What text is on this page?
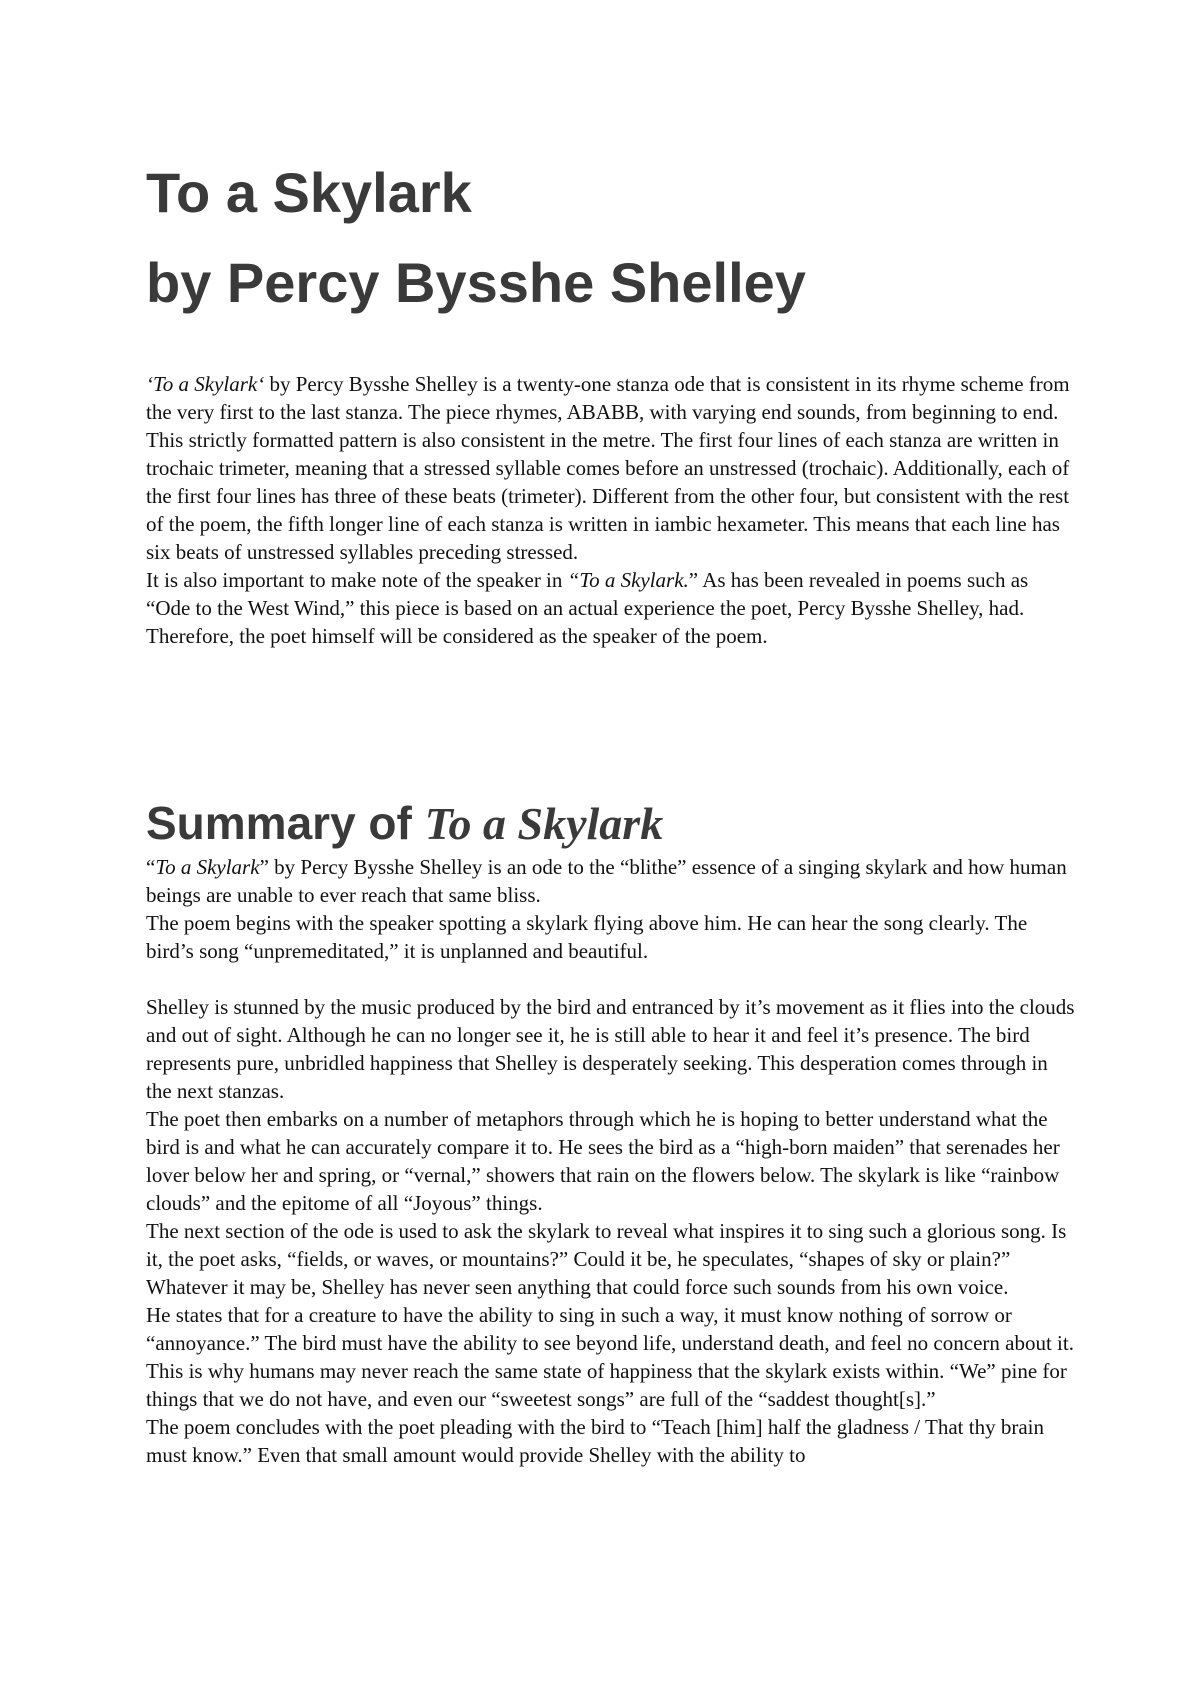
To a Skylark
by Percy Bysshe Shelley

‘To a Skylark‘ by Percy Bysshe Shelley is a twenty-one stanza ode that is consistent in its rhyme scheme from the very first to the last stanza. The piece rhymes, ABABB, with varying end sounds, from beginning to end.

This strictly formatted pattern is also consistent in the metre. The first four lines of each stanza are written in trochaic trimeter, meaning that a stressed syllable comes before an unstressed (trochaic). Additionally, each of the first four lines has three of these beats (trimeter). Different from the other four, but consistent with the rest of the poem, the fifth longer line of each stanza is written in iambic hexameter. This means that each line has six beats of unstressed syllables preceding stressed.

It is also important to make note of the speaker in “To a Skylark.” As has been revealed in poems such as “Ode to the West Wind,” this piece is based on an actual experience the poet, Percy Bysshe Shelley, had. Therefore, the poet himself will be considered as the speaker of the poem.

Summary of To a Skylark

“To a Skylark” by Percy Bysshe Shelley is an ode to the “blithe” essence of a singing skylark and how human beings are unable to ever reach that same bliss.

The poem begins with the speaker spotting a skylark flying above him. He can hear the song clearly. The bird’s song “unpremeditated,” it is unplanned and beautiful.

Shelley is stunned by the music produced by the bird and entranced by it’s movement as it flies into the clouds and out of sight. Although he can no longer see it, he is still able to hear it and feel it’s presence. The bird represents pure, unbridled happiness that Shelley is desperately seeking. This desperation comes through in the next stanzas.

The poet then embarks on a number of metaphors through which he is hoping to better understand what the bird is and what he can accurately compare it to. He sees the bird as a “high-born maiden” that serenades her lover below her and spring, or “vernal,” showers that rain on the flowers below. The skylark is like “rainbow clouds” and the epitome of all “Joyous” things.

The next section of the ode is used to ask the skylark to reveal what inspires it to sing such a glorious song. Is it, the poet asks, “fields, or waves, or mountains?” Could it be, he speculates, “shapes of sky or plain?” Whatever it may be, Shelley has never seen anything that could force such sounds from his own voice.

He states that for a creature to have the ability to sing in such a way, it must know nothing of sorrow or “annoyance.” The bird must have the ability to see beyond life, understand death, and feel no concern about it. This is why humans may never reach the same state of happiness that the skylark exists within. “We” pine for things that we do not have, and even our “sweetest songs” are full of the “saddest thought[s].”

The poem concludes with the poet pleading with the bird to “Teach [him] half the gladness / That thy brain must know.” Even that small amount would provide Shelley with the ability to
